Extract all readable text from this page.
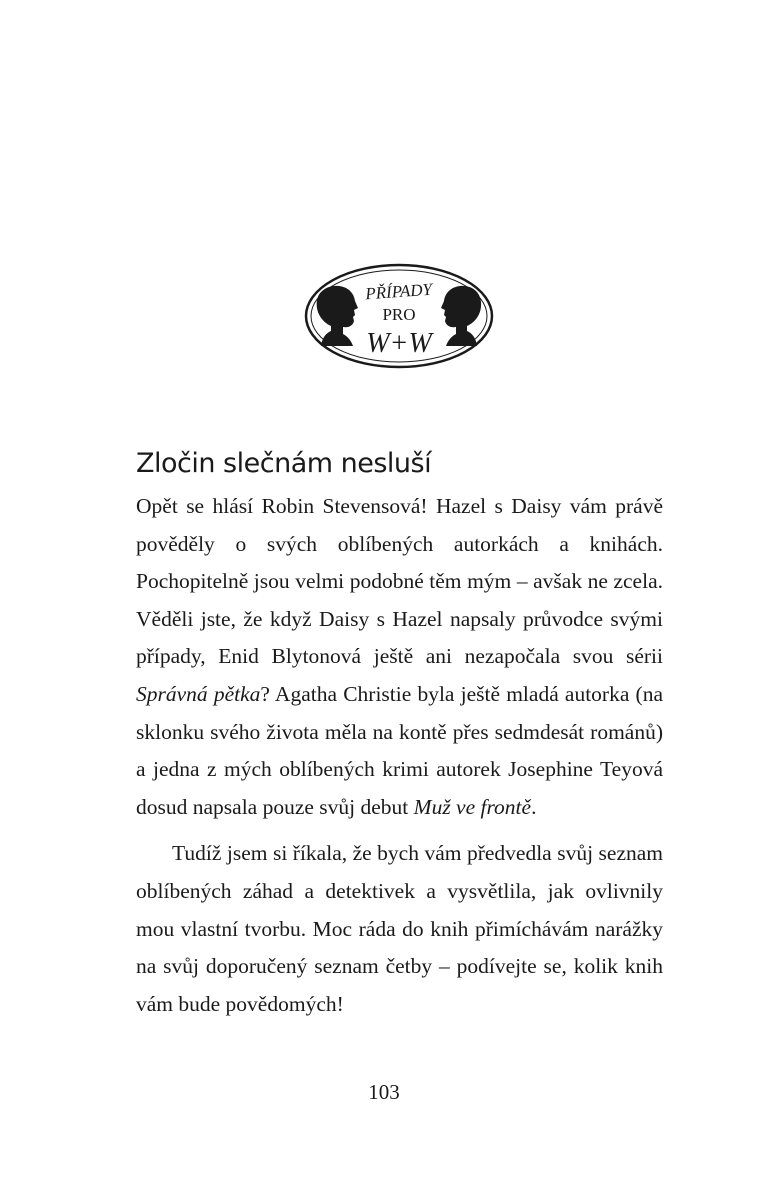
PŘÍPADY
PRO
W+W
Zločin slečnám nesluší

Opět se hlásí Robin Stevensová! Hazel s Daisy vám právě pověděly o svých oblíbených autorkách a knihách. Pochopitelně jsou velmi podobné těm mým – avšak ne zcela. Věděli jste, že když Daisy s Hazel napsaly průvodce svými případy, Enid Blytonová ještě ani nezapočala svou sérii Správná pětka? Agatha Christie byla ještě mladá autorka (na sklonku svého života měla na kontě přes sedmdesát románů) a jedna z mých oblíbených krimi autorek Josephine Teyová dosud napsala pouze svůj debut Muž ve frontě.

Tudíž jsem si říkala, že bych vám předvedla svůj seznam oblíbených záhad a detektivek a vysvětlila, jak ovlivnily mou vlastní tvorbu. Moc ráda do knih přimíchávám narážky na svůj doporučený seznam četby – podívejte se, kolik knih vám bude povědomých!

103
